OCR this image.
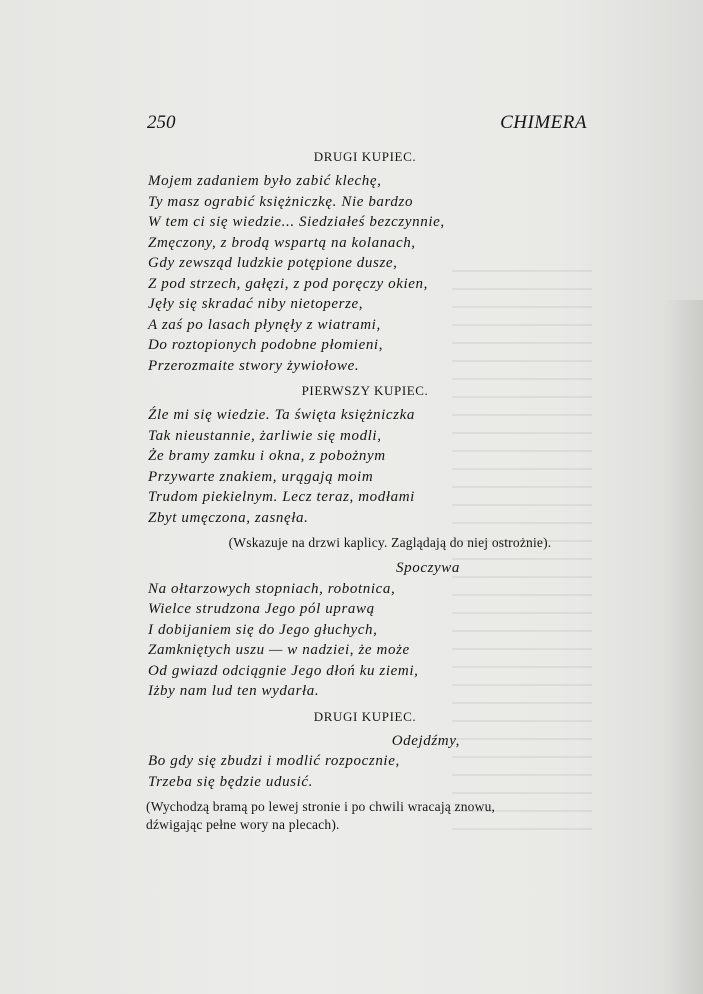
250	CHIMERA
DRUGI KUPIEC.
Mojem zadaniem było zabić klechę,
Ty masz ograbić księżniczkę. Nie bardzo
W tem ci się wiedzie... Siedziałeś bezczynnie,
Zmęczony, z brodą wspartą na kolanach,
Gdy zewsząd ludzkie potępione dusze,
Z pod strzech, gałęzi, z pod poręczy okien,
Jęły się skradać niby nietoperze,
A zaś po lasach płynęły z wiatrami,
Do roztopionych podobne płomieni,
Przerozmaite stwory żywiołowe.
PIERWSZY KUPIEC.
Źle mi się wiedzie. Ta święta księżniczka
Tak nieustannie, żarliwie się modli,
Że bramy zamku i okna, z pobożnym
Przywarte znakiem, urągają moim
Trudom piekielnym. Lecz teraz, modłami
Zbyt umęczona, zasnęła.
(Wskazuje na drzwi kaplicy. Zaglądają do niej ostrożnie).
Spoczywa
Na ołtarzowych stopniach, robotnica,
Wielce strudzona Jego pól uprawą
I dobijaniem się do Jego głuchych,
Zamkniętych uszu — w nadziei, że może
Od gwiazd odciągnie Jego dłoń ku ziemi,
Iżby nam lud ten wydarła.
DRUGI KUPIEC.
Odejdźmy,
Bo gdy się zbudzi i modlić rozpocznie,
Trzeba się będzie udusić.
(Wychodzą bramą po lewej stronie i po chwili wracają znowu,
dźwigając pełne wory na plecach).
